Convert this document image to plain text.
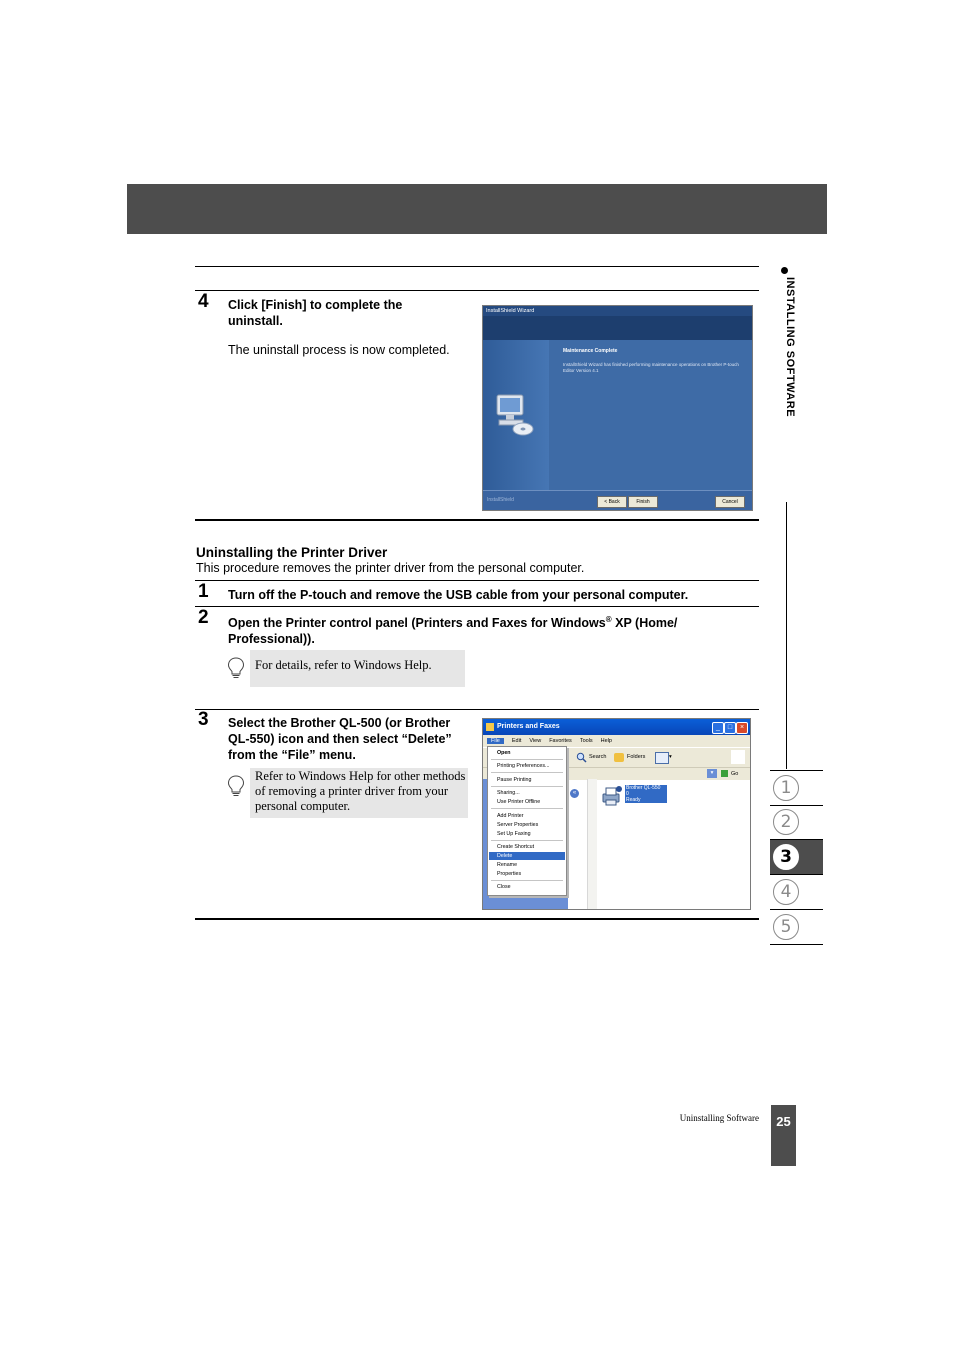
INSTALLING SOFTWARE
1
2
3
4
5
4 Click [Finish] to complete the uninstall.
The uninstall process is now completed.
InstallShield Wizard
Maintenance Complete
InstallShield Wizard has finished performing maintenance operations on Brother P-touch Editor Version 4.1
InstallShield	< Back	Finish	Cancel
Uninstalling the Printer Driver
This procedure removes the printer driver from the personal computer.
1 Turn off the P-touch and remove the USB cable from your personal computer.
2 Open the Printer control panel (Printers and Faxes for Windows® XP (Home/ Professional)).
For details, refer to Windows Help.
3 Select the Brother QL-500 (or Brother QL-550) icon and then select “Delete” from the “File” menu.
Refer to Windows Help for other methods of removing a printer driver from your personal computer.
Printers and Faxes	_	□	×
File Edit View Favorites Tools Help
Search	Folders	▾
▾	Go
«
Brother QL-550
0
Ready
Open
Printing Preferences...
Pause Printing
Sharing...
Use Printer Offline
Add Printer
Server Properties
Set Up Faxing
Create Shortcut
Delete
Rename
Properties
Close
Uninstalling Software	25
